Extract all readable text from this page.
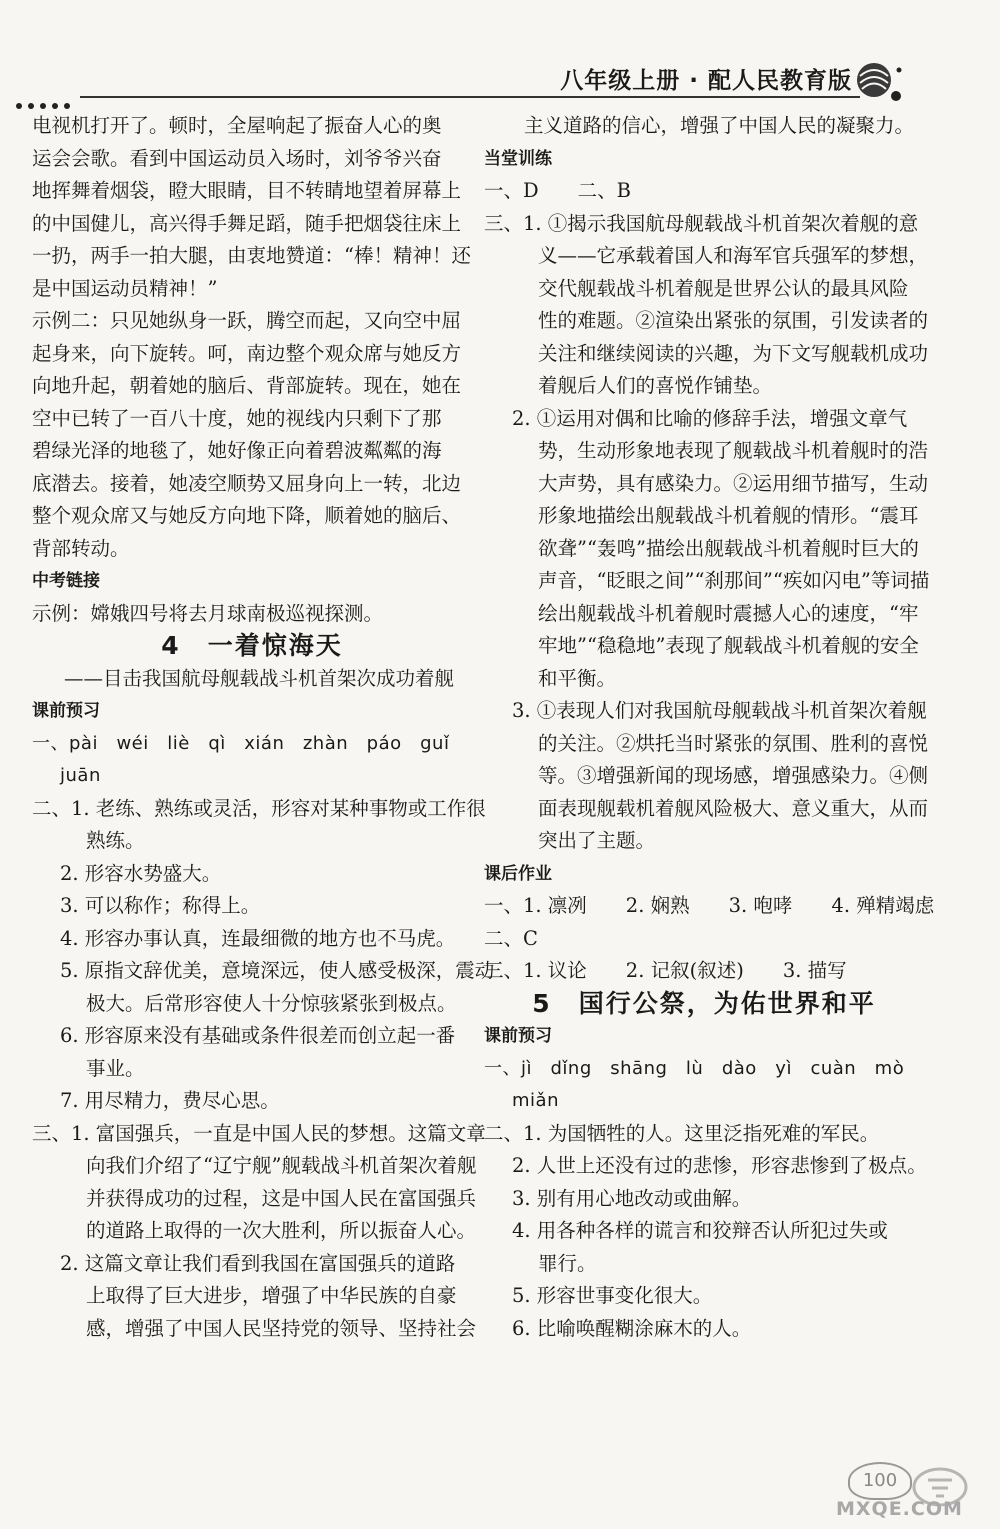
八年级上册 · 配人民教育版

电视机打开了。顿时，全屋响起了振奋人心的奥

运会会歌。看到中国运动员入场时，刘爷爷兴奋

地挥舞着烟袋，瞪大眼睛，目不转睛地望着屏幕上

的中国健儿，高兴得手舞足蹈，随手把烟袋往床上

一扔，两手一拍大腿，由衷地赞道：“棒！精神！还

是中国运动员精神！”

示例二：只见她纵身一跃，腾空而起，又向空中屈

起身来，向下旋转。呵，南边整个观众席与她反方

向地升起，朝着她的脑后、背部旋转。现在，她在

空中已转了一百八十度，她的视线内只剩下了那

碧绿光泽的地毯了，她好像正向着碧波粼粼的海

底潜去。接着，她凌空顺势又屈身向上一转，北边

整个观众席又与她反方向地下降，顺着她的脑后、

背部转动。

中考链接

示例：嫦娥四号将去月球南极巡视探测。

4　一着惊海天

——目击我国航母舰载战斗机首架次成功着舰

课前预习

一、pài　wéi　liè　qì　xián　zhàn　páo　guǐ

juān

二、1. 老练、熟练或灵活，形容对某种事物或工作很

熟练。

2. 形容水势盛大。

3. 可以称作；称得上。

4. 形容办事认真，连最细微的地方也不马虎。

5. 原指文辞优美，意境深远，使人感受极深，震动

极大。后常形容使人十分惊骇紧张到极点。

6. 形容原来没有基础或条件很差而创立起一番

事业。

7. 用尽精力，费尽心思。

三、1. 富国强兵，一直是中国人民的梦想。这篇文章

向我们介绍了“辽宁舰”舰载战斗机首架次着舰

并获得成功的过程，这是中国人民在富国强兵

的道路上取得的一次大胜利，所以振奋人心。

2. 这篇文章让我们看到我国在富国强兵的道路

上取得了巨大进步，增强了中华民族的自豪

感，增强了中国人民坚持党的领导、坚持社会

主义道路的信心，增强了中国人民的凝聚力。

当堂训练

一、D　　二、B

三、1. ①揭示我国航母舰载战斗机首架次着舰的意

义——它承载着国人和海军官兵强军的梦想，

交代舰载战斗机着舰是世界公认的最具风险

性的难题。②渲染出紧张的氛围，引发读者的

关注和继续阅读的兴趣，为下文写舰载机成功

着舰后人们的喜悦作铺垫。

2. ①运用对偶和比喻的修辞手法，增强文章气

势，生动形象地表现了舰载战斗机着舰时的浩

大声势，具有感染力。②运用细节描写，生动

形象地描绘出舰载战斗机着舰的情形。“震耳

欲聋”“轰鸣”描绘出舰载战斗机着舰时巨大的

声音，“眨眼之间”“刹那间”“疾如闪电”等词描

绘出舰载战斗机着舰时震撼人心的速度，“牢

牢地”“稳稳地”表现了舰载战斗机着舰的安全

和平衡。

3. ①表现人们对我国航母舰载战斗机首架次着舰

的关注。②烘托当时紧张的氛围、胜利的喜悦

等。③增强新闻的现场感，增强感染力。④侧

面表现舰载机着舰风险极大、意义重大，从而

突出了主题。

课后作业

一、1. 凛冽　　2. 娴熟　　3. 咆哮　　4. 殚精竭虑

二、C

三、1. 议论　　2. 记叙(叙述)　　3. 描写

5　国行公祭，为佑世界和平

课前预习

一、jì　dǐng　shāng　lù　dào　yì　cuàn　mò

miǎn

二、1. 为国牺牲的人。这里泛指死难的军民。

2. 人世上还没有过的悲惨，形容悲惨到了极点。

3. 别有用心地改动或曲解。

4. 用各种各样的谎言和狡辩否认所犯过失或

罪行。

5. 形容世事变化很大。

6. 比喻唤醒糊涂麻木的人。

100
MXQE.COM
